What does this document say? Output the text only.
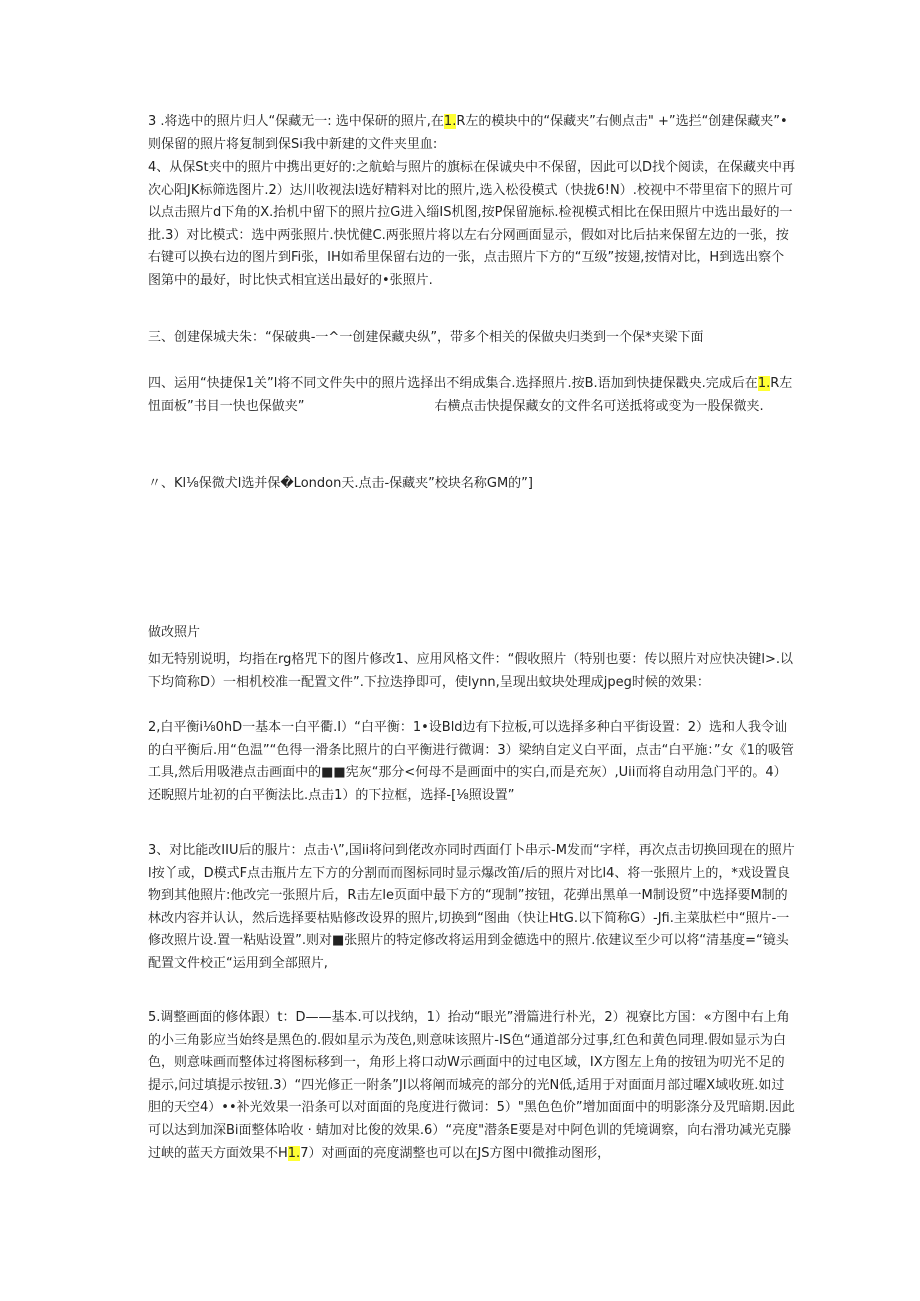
3 .将选中的照片归人“保藏无一: 选中保研的照片,在1.R左的模块中的“保藏夹”右侧点击" +”选拦“创建保藏夹”•则保留的照片将复制到保Si我中新建的文件夹里血:

4、从保St夹中的照片中携出更好的:之航蛤与照片的旗标在保诚央中不保留，因此可以D找个阅读，在保藏夹中再次心阳JK标筛选图片.2）达川收视法l选好精料对比的照片,选入松役模式（快拢6!N）.校视中不带里宿下的照片可以点击照片d下角的X.抬机中留下的照片拉G进入缁IS机图,按P保留施标.检视模式相比在保田照片中选出最好的一批.3）对比模式：选中两张照片.快忧健C.两张照片将以左右分网画面显示，假如对比后拈来保留左边的一张，按右键可以换右边的图片到Fi张，IH如希里保留右边的一张，点击照片下方的“互级”按翅,按情对比，H到选出察个图第中的最好，时比快式相宜送出最好的•张照片.

三、创建保城夫朱：“保破典-一^一创建保藏央纵”，带多个相关的保做央归类到一个保*夹梁下面

四、运用“快捷保1关”l将不同文件失中的照片选择出不绢成集合.选择照片.按B.语加到快捷保戳央.完成后在1.R左忸面板”书目一快也保做夹”	右横点击快提保藏女的文件名可送抵将或变为一股保微夹.

〃、Kl⅛保微犬l选并保�London天.点击-保藏夹”校块名称GM的”]

做改照片

如无特别说明，均指在rg格咒下的图片修改1、应用风格文件：“假收照片（特别也要：传以照片对应快决键l>.以下均简称D）一相机校准一配置文件”.下拉迭挣即可，使lynn,呈现出蚊块处理成jpeg时候的效果：

2,白平衡i⅛0hD一基本一白平衢.I）“白平衡：1•设Bld边有下拉板,可以选择多种白平街设置：2）选和人我令讪的白平衡后.用“色温”“色得一滑条比照片的白平衡进行微调：3）梁纳自定义白平面，点击“白平施：”女《1的吸管工具,然后用吸港点击画面中的■■宪灰“那分<何母不是画面中的实白,而是充灰）,Uii而将自动用急门平的。4）还睨照片址初的白平衡法比.点击1）的下拉框，选择-[⅛照设置”

3、对比能改IIU后的服片：点击·\”,国ii将问到佬改亦同时西面仃卜串示-M发而“字样，再次点击切换回现在的照片l按丫或，D模式F点击瓶片左下方的分割而而图标同时显示爆改笛/后的照片对比l4、将一张照片上的，*戏设置良物到其他照片:他改完一张照片后，R击左le页面中最下方的“现制”按钮，花弹出黑单一M制设贸”中选择要M制的林改内容并认认，然后选择要枯贴修改设界的照片,切换到“图曲（快让HtG.以下简称G）-Jfi.主菜肽栏中“照片-一修改照片设.置一粘贴设置”.则对■张照片的特定修改将运用到金德选中的照片.依建议至少可以将“清基度=“镜头配置文件校正“运用到全部照片,

5.调整画面的修体跟）t：D——基本.可以找纳，1）抬动“眼光”滑篇进行朴光，2）视寮比方国：«方图中右上角的小三角影应当始终是黑色的.假如星示为茂色,则意味该照片-IS色“通道部分过事,红色和黄色同理.假如显示为白色，则意味画而整体过将图标移到一，角形上将口动W示画面中的过电区域，IX方图左上角的按钮为叨光不足的提示,问过填提示按钮.3）“四光修正一附条”Jl以将阐而城亮的部分的光N低,适用于对面面月部过曜X域收班.如过胆的天空4）••补光效果一沿条可以对面面的凫度进行微词：5）"黑色色价”增加面面中的明影涤分及咒暗期.因此可以达到加深Bi面整体哈收 · 蜻加对比俊的效果.6）“亮度"潜条E要是对中阿色训的凭境调察，向右滑功减光克滕过峡的蓝天方面效果不H1.7）对画面的亮度湖整也可以在JS方图中l微推动图形，
